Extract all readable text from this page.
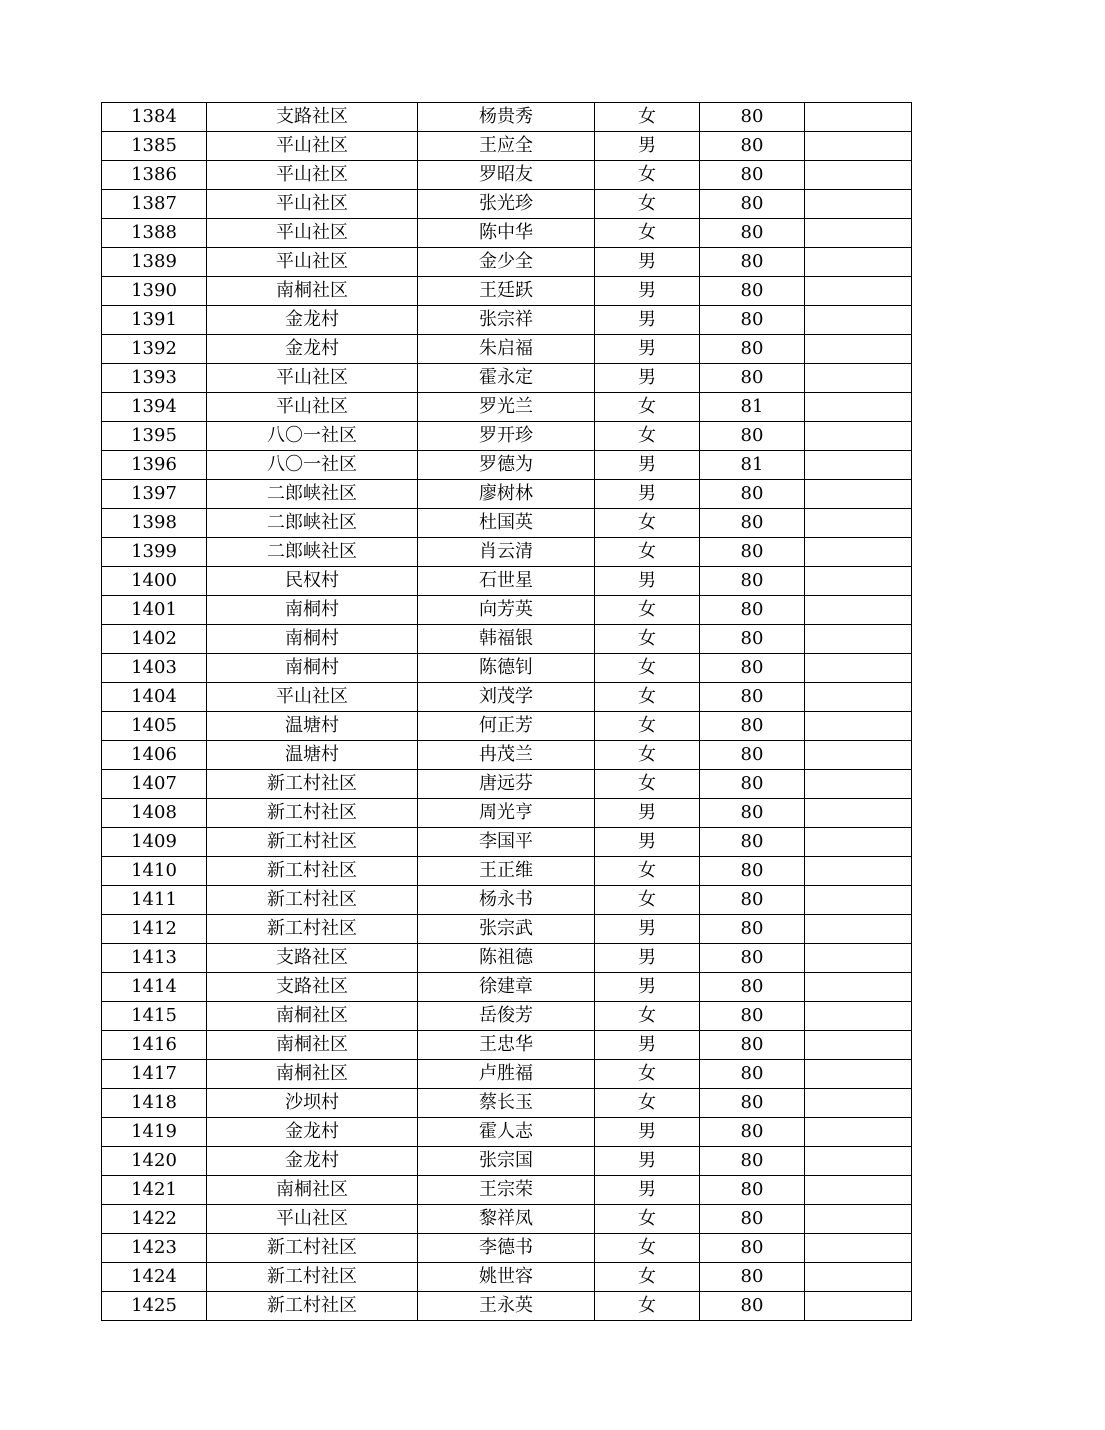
1384	支路社区	杨贵秀	女	80	
1385	平山社区	王应全	男	80	
1386	平山社区	罗昭友	女	80	
1387	平山社区	张光珍	女	80	
1388	平山社区	陈中华	女	80	
1389	平山社区	金少全	男	80	
1390	南桐社区	王廷跃	男	80	
1391	金龙村	张宗祥	男	80	
1392	金龙村	朱启福	男	80	
1393	平山社区	霍永定	男	80	
1394	平山社区	罗光兰	女	81	
1395	八〇一社区	罗开珍	女	80	
1396	八〇一社区	罗德为	男	81	
1397	二郎峡社区	廖树林	男	80	
1398	二郎峡社区	杜国英	女	80	
1399	二郎峡社区	肖云清	女	80	
1400	民权村	石世星	男	80	
1401	南桐村	向芳英	女	80	
1402	南桐村	韩福银	女	80	
1403	南桐村	陈德钊	女	80	
1404	平山社区	刘茂学	女	80	
1405	温塘村	何正芳	女	80	
1406	温塘村	冉茂兰	女	80	
1407	新工村社区	唐远芬	女	80	
1408	新工村社区	周光亨	男	80	
1409	新工村社区	李国平	男	80	
1410	新工村社区	王正维	女	80	
1411	新工村社区	杨永书	女	80	
1412	新工村社区	张宗武	男	80	
1413	支路社区	陈祖德	男	80	
1414	支路社区	徐建章	男	80	
1415	南桐社区	岳俊芳	女	80	
1416	南桐社区	王忠华	男	80	
1417	南桐社区	卢胜福	女	80	
1418	沙坝村	蔡长玉	女	80	
1419	金龙村	霍人志	男	80	
1420	金龙村	张宗国	男	80	
1421	南桐社区	王宗荣	男	80	
1422	平山社区	黎祥凤	女	80	
1423	新工村社区	李德书	女	80	
1424	新工村社区	姚世容	女	80	
1425	新工村社区	王永英	女	80	
